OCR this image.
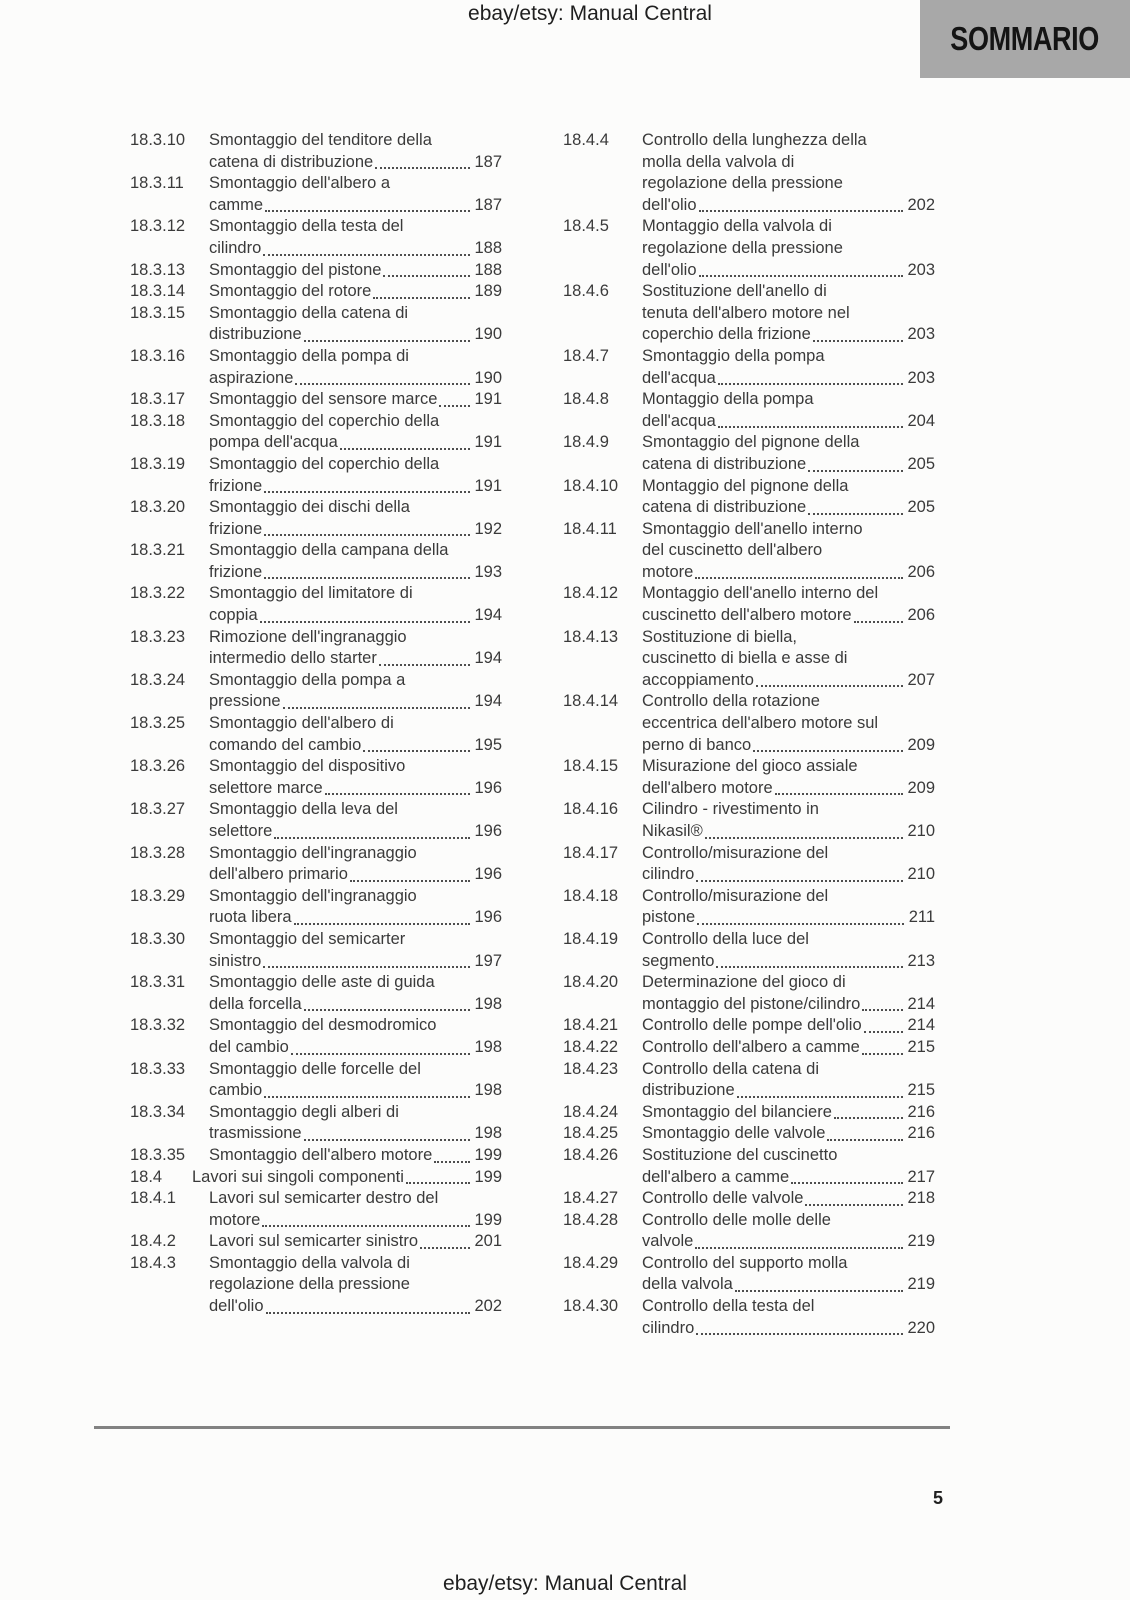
ebay/etsy: Manual Central
SOMMARIO
18.3.10	Smontaggio del tenditore della
catena di distribuzione	187
18.3.11	Smontaggio dell'albero a
camme	187
18.3.12	Smontaggio della testa del
cilindro	188
18.3.13	Smontaggio del pistone	188
18.3.14	Smontaggio del rotore	189
18.3.15	Smontaggio della catena di
distribuzione	190
18.3.16	Smontaggio della pompa di
aspirazione	190
18.3.17	Smontaggio del sensore marce 191
18.3.18	Smontaggio del coperchio della
pompa dell'acqua	191
18.3.19	Smontaggio del coperchio della
frizione	191
18.3.20	Smontaggio dei dischi della
frizione	192
18.3.21	Smontaggio della campana della
frizione	193
18.3.22	Smontaggio del limitatore di
coppia	194
18.3.23	Rimozione dell'ingranaggio
intermedio dello starter	194
18.3.24	Smontaggio della pompa a
pressione	194
18.3.25	Smontaggio dell'albero di
comando del cambio	195
18.3.26	Smontaggio del dispositivo
selettore marce	196
18.3.27	Smontaggio della leva del
selettore	196
18.3.28	Smontaggio dell'ingranaggio
dell'albero primario	196
18.3.29	Smontaggio dell'ingranaggio
ruota libera	196
18.3.30	Smontaggio del semicarter
sinistro	197
18.3.31	Smontaggio delle aste di guida
della forcella	198
18.3.32	Smontaggio del desmodromico
del cambio	198
18.3.33	Smontaggio delle forcelle del
cambio	198
18.3.34	Smontaggio degli alberi di
trasmissione	198
18.3.35	Smontaggio dell'albero motore	199
18.4	Lavori sui singoli componenti	199
18.4.1	Lavori sul semicarter destro del
motore	199
18.4.2	Lavori sul semicarter sinistro	201
18.4.3	Smontaggio della valvola di
regolazione della pressione
dell'olio	202
18.4.4	Controllo della lunghezza della
molla della valvola di
regolazione della pressione
dell'olio	202
18.4.5	Montaggio della valvola di
regolazione della pressione
dell'olio	203
18.4.6	Sostituzione dell'anello di
tenuta dell'albero motore nel
coperchio della frizione	203
18.4.7	Smontaggio della pompa
dell'acqua	203
18.4.8	Montaggio della pompa
dell'acqua	204
18.4.9	Smontaggio del pignone della
catena di distribuzione	205
18.4.10	Montaggio del pignone della
catena di distribuzione	205
18.4.11	Smontaggio dell'anello interno
del cuscinetto dell'albero
motore	206
18.4.12	Montaggio dell'anello interno del
cuscinetto dell'albero motore	206
18.4.13	Sostituzione di biella,
cuscinetto di biella e asse di
accoppiamento	207
18.4.14	Controllo della rotazione
eccentrica dell'albero motore sul
perno di banco	209
18.4.15	Misurazione del gioco assiale
dell'albero motore	209
18.4.16	Cilindro - rivestimento in
Nikasil®	210
18.4.17	Controllo/misurazione del
cilindro	210
18.4.18	Controllo/misurazione del
pistone	211
18.4.19	Controllo della luce del
segmento	213
18.4.20	Determinazione del gioco di
montaggio del pistone/cilindro	214
18.4.21	Controllo delle pompe dell'olio	214
18.4.22	Controllo dell'albero a camme	215
18.4.23	Controllo della catena di
distribuzione	215
18.4.24	Smontaggio del bilanciere	216
18.4.25	Smontaggio delle valvole	216
18.4.26	Sostituzione del cuscinetto
dell'albero a camme	217
18.4.27	Controllo delle valvole	218
18.4.28	Controllo delle molle delle
valvole	219
18.4.29	Controllo del supporto molla
della valvola	219
18.4.30	Controllo della testa del
cilindro	220
5
ebay/etsy: Manual Central
